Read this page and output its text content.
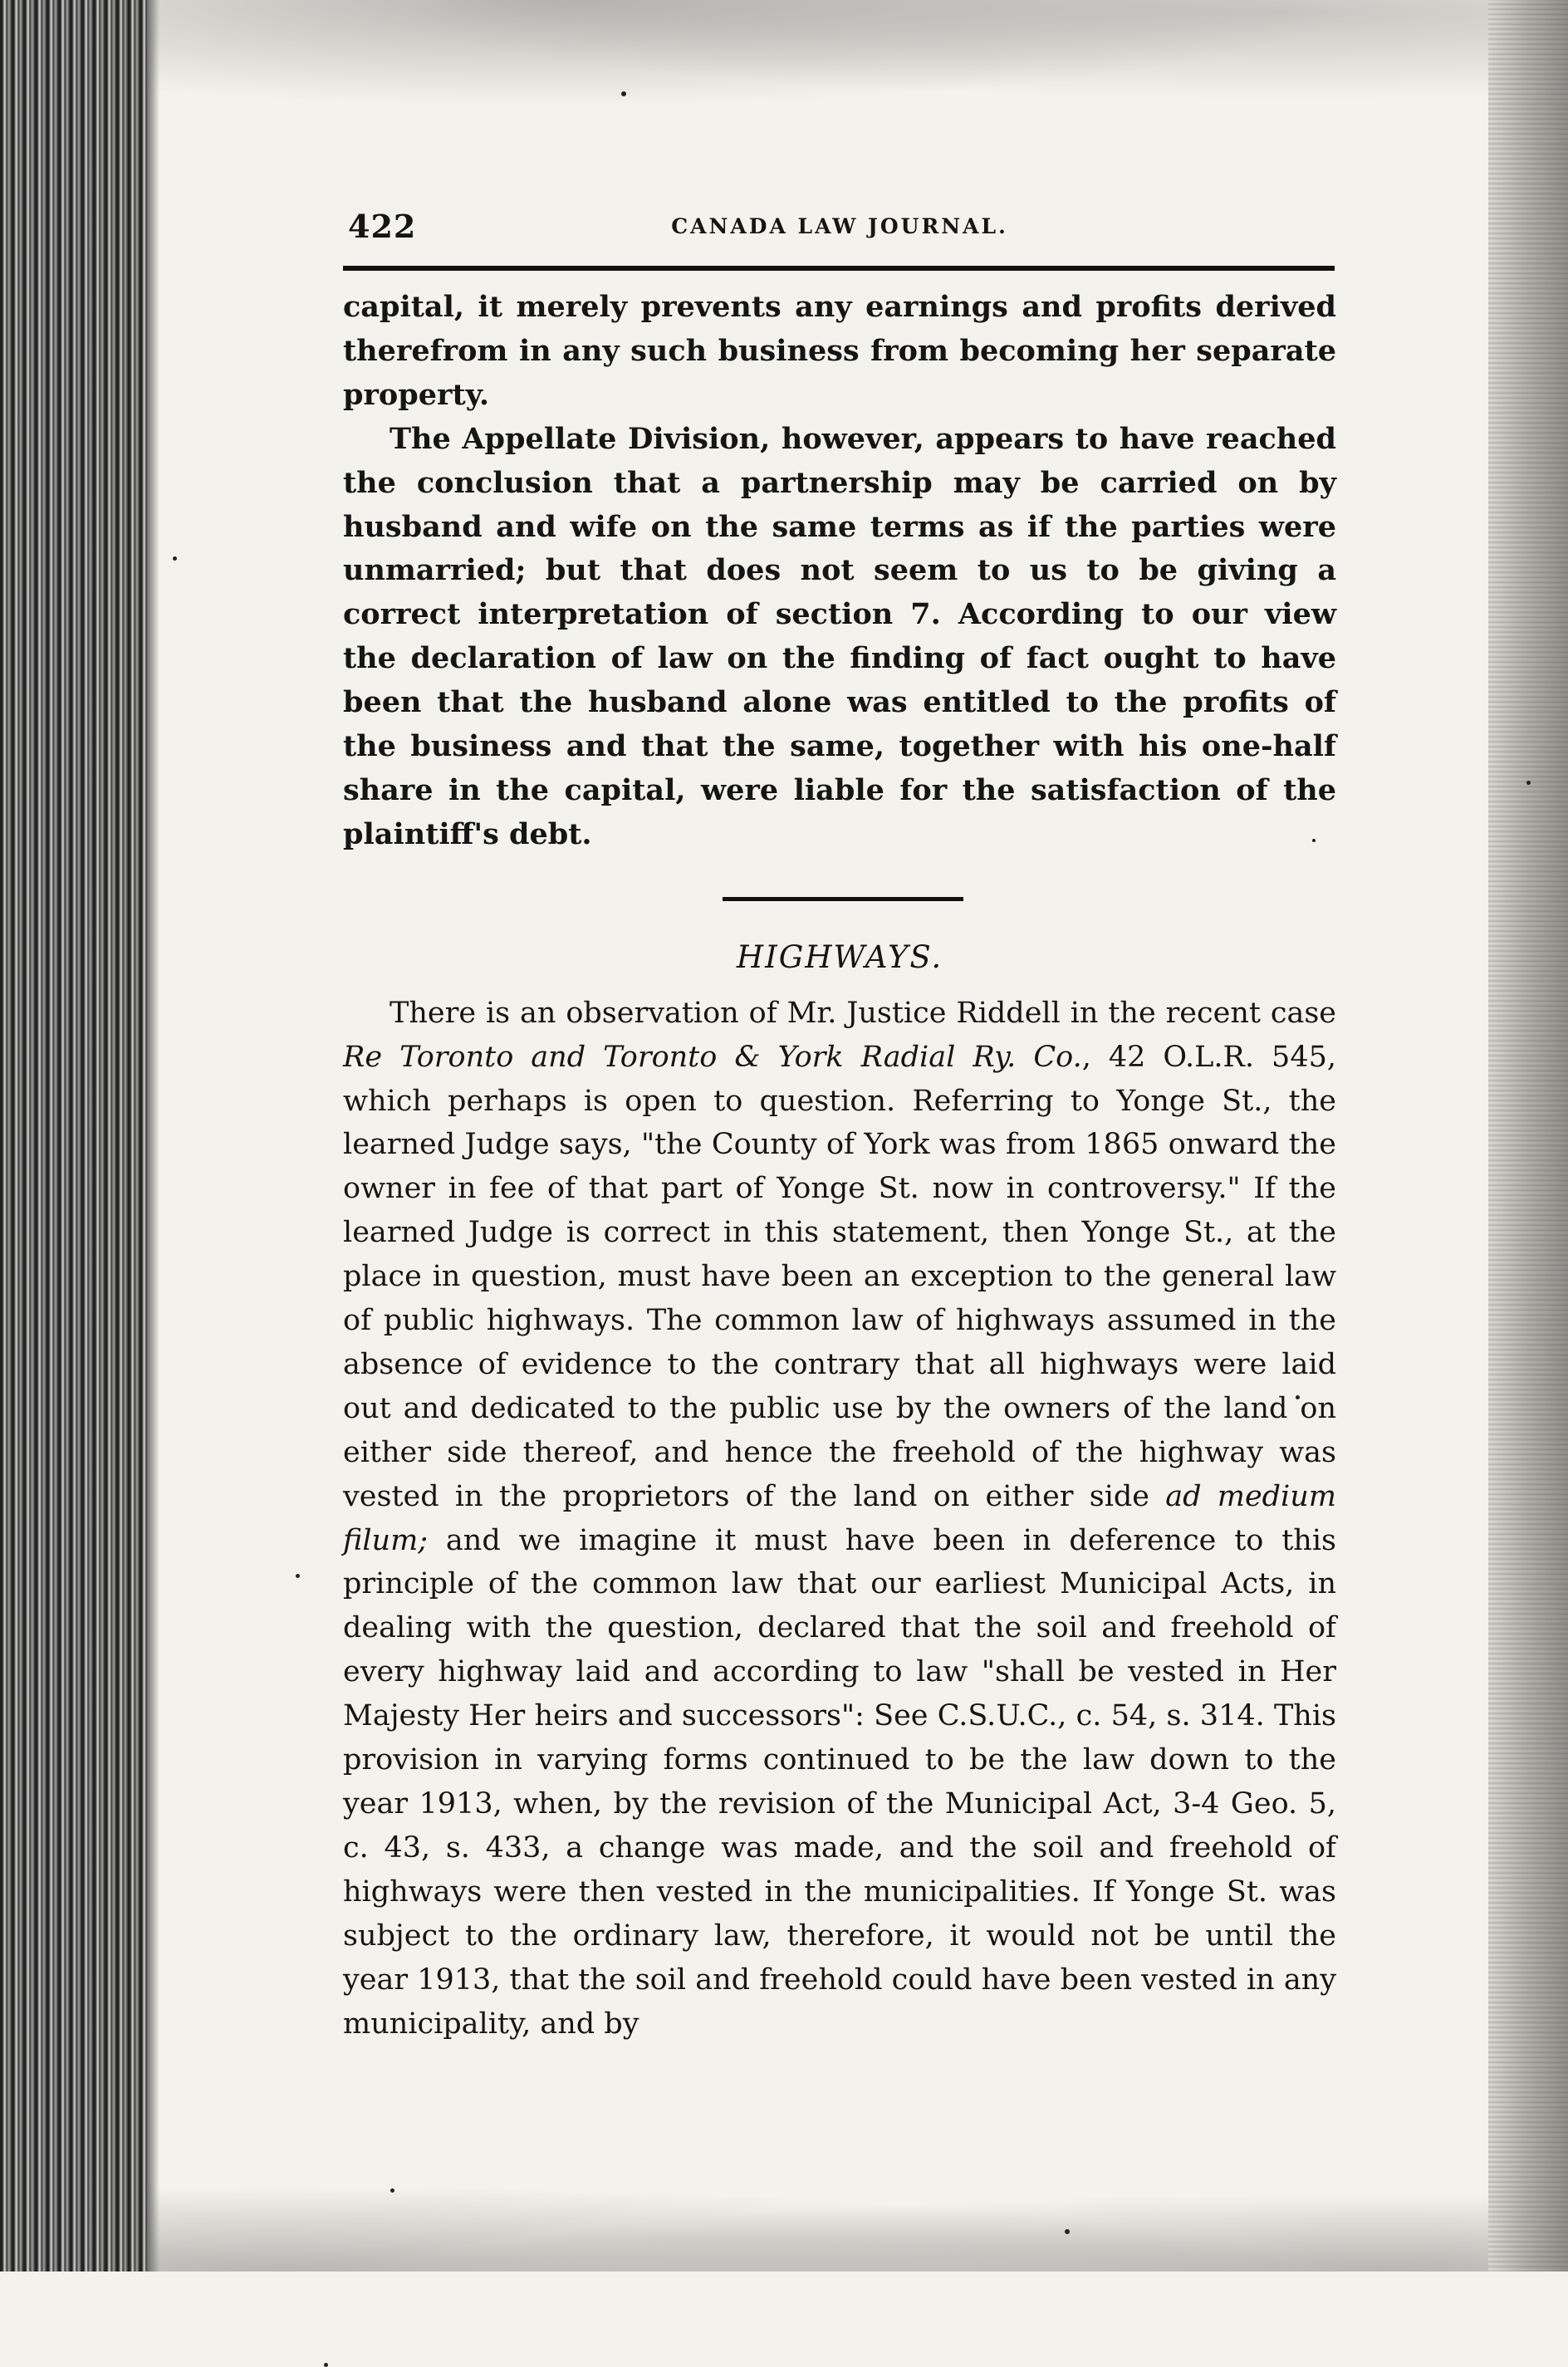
422	CANADA LAW JOURNAL.

capital, it merely prevents any earnings and profits derived therefrom in any such business from becoming her separate property.

The Appellate Division, however, appears to have reached the conclusion that a partnership may be carried on by husband and wife on the same terms as if the parties were unmarried; but that does not seem to us to be giving a correct interpretation of section 7. According to our view the declaration of law on the finding of fact ought to have been that the husband alone was entitled to the profits of the business and that the same, together with his one-half share in the capital, were liable for the satisfaction of the plaintiff's debt.

HIGHWAYS.

There is an observation of Mr. Justice Riddell in the recent case Re Toronto and Toronto & York Radial Ry. Co., 42 O.L.R. 545, which perhaps is open to question. Referring to Yonge St., the learned Judge says, "the County of York was from 1865 onward the owner in fee of that part of Yonge St. now in controversy." If the learned Judge is correct in this statement, then Yonge St., at the place in question, must have been an exception to the general law of public highways. The common law of highways assumed in the absence of evidence to the contrary that all highways were laid out and dedicated to the public use by the owners of the land on either side thereof, and hence the freehold of the highway was vested in the proprietors of the land on either side ad medium filum; and we imagine it must have been in deference to this principle of the common law that our earliest Municipal Acts, in dealing with the question, declared that the soil and freehold of every highway laid and according to law "shall be vested in Her Majesty Her heirs and successors": See C.S.U.C., c. 54, s. 314. This provision in varying forms continued to be the law down to the year 1913, when, by the revision of the Municipal Act, 3-4 Geo. 5, c. 43, s. 433, a change was made, and the soil and freehold of highways were then vested in the municipalities. If Yonge St. was subject to the ordinary law, therefore, it would not be until the year 1913, that the soil and freehold could have been vested in any municipality, and by
